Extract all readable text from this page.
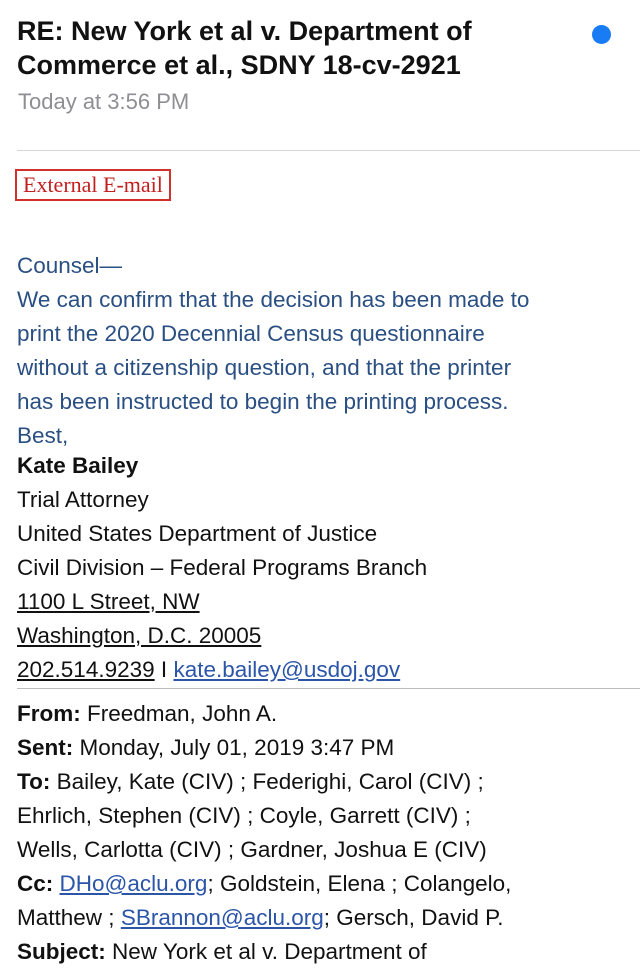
RE: New York et al v. Department of
Commerce et al., SDNY 18-cv-2921
Today at 3:56 PM
External E-mail
Counsel—
We can confirm that the decision has been made to
print the 2020 Decennial Census questionnaire
without a citizenship question, and that the printer
has been instructed to begin the printing process.
Best,
Kate Bailey
Trial Attorney
United States Department of Justice
Civil Division – Federal Programs Branch
1100 L Street, NW
Washington, D.C. 20005
202.514.9239 I kate.bailey@usdoj.gov
From: Freedman, John A.
Sent: Monday, July 01, 2019 3:47 PM
To: Bailey, Kate (CIV) ; Federighi, Carol (CIV) ;
Ehrlich, Stephen (CIV) ; Coyle, Garrett (CIV) ;
Wells, Carlotta (CIV) ; Gardner, Joshua E (CIV)
Cc: DHo@aclu.org; Goldstein, Elena ; Colangelo,
Matthew ; SBrannon@aclu.org; Gersch, David P.
Subject: New York et al v. Department of
